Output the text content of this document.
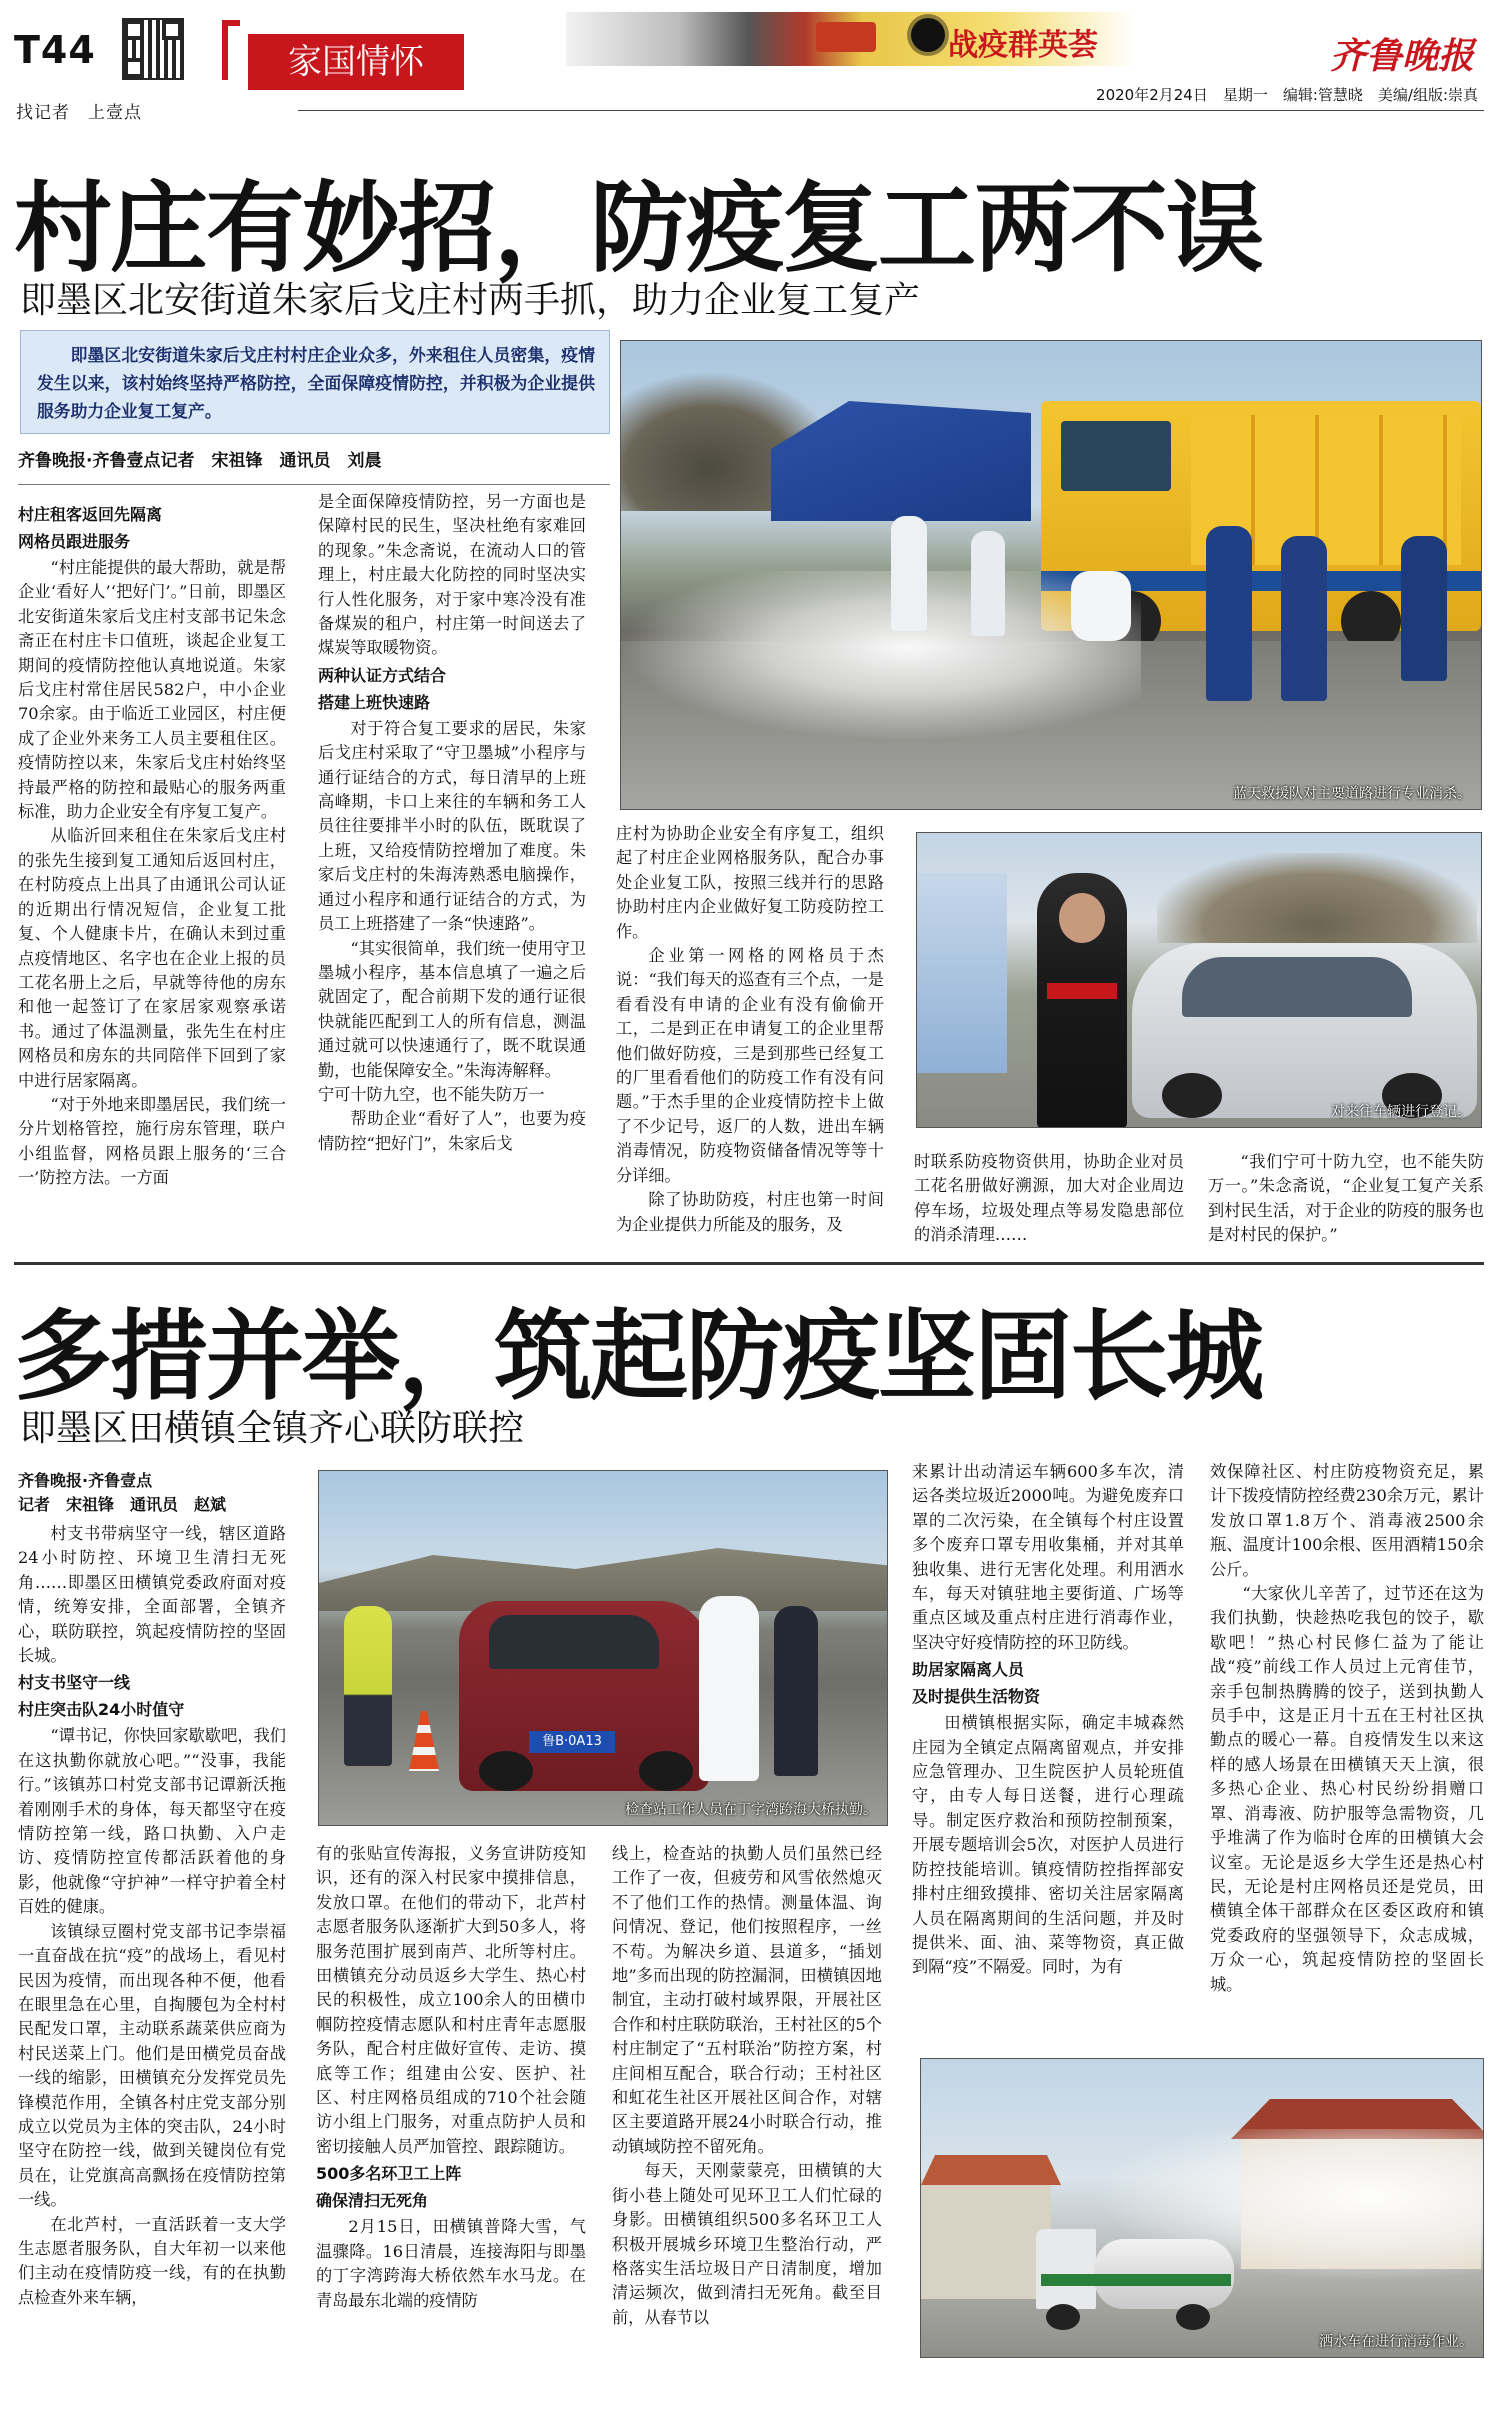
T44
找记者　上壹点
家国情怀	战疫群英荟	齐鲁晚报
2020年2月24日　星期一　编辑:管慧晓　美编/组版:崇真
村庄有妙招，防疫复工两不误
即墨区北安街道朱家后戈庄村两手抓，助力企业复工复产
即墨区北安街道朱家后戈庄村村庄企业众多，外来租住人员密集，疫情发生以来，该村始终坚持严格防控，全面保障疫情防控，并积极为企业提供服务助力企业复工复产。
齐鲁晚报·齐鲁壹点记者　宋祖锋　通讯员　刘晨
村庄租客返回先隔离
网格员跟进服务

“村庄能提供的最大帮助，就是帮企业‘看好人’‘把好门’。”日前，即墨区北安街道朱家后戈庄村支部书记朱念斋正在村庄卡口值班，谈起企业复工期间的疫情防控他认真地说道。朱家后戈庄村常住居民582户，中小企业70余家。由于临近工业园区，村庄便成了企业外来务工人员主要租住区。疫情防控以来，朱家后戈庄村始终坚持最严格的防控和最贴心的服务两重标准，助力企业安全有序复工复产。

从临沂回来租住在朱家后戈庄村的张先生接到复工通知后返回村庄，在村防疫点上出具了由通讯公司认证的近期出行情况短信，企业复工批复、个人健康卡片，在确认未到过重点疫情地区、名字也在企业上报的员工花名册上之后，早就等待他的房东和他一起签订了在家居家观察承诺书。通过了体温测量，张先生在村庄网格员和房东的共同陪伴下回到了家中进行居家隔离。

“对于外地来即墨居民，我们统一分片划格管控，施行房东管理，联户小组监督，网格员跟上服务的‘三合一’防控方法。一方面

是全面保障疫情防控，另一方面也是保障村民的民生，坚决杜绝有家难回的现象。”朱念斋说，在流动人口的管理上，村庄最大化防控的同时坚决实行人性化服务，对于家中寒冷没有准备煤炭的租户，村庄第一时间送去了煤炭等取暖物资。

两种认证方式结合
搭建上班快速路

对于符合复工要求的居民，朱家后戈庄村采取了“守卫墨城”小程序与通行证结合的方式，每日清早的上班高峰期，卡口上来往的车辆和务工人员往往要排半小时的队伍，既耽误了上班，又给疫情防控增加了难度。朱家后戈庄村的朱海涛熟悉电脑操作，通过小程序和通行证结合的方式，为员工上班搭建了一条“快速路”。

“其实很简单，我们统一使用守卫墨城小程序，基本信息填了一遍之后就固定了，配合前期下发的通行证很快就能匹配到工人的所有信息，测温通过就可以快速通行了，既不耽误通勤，也能保障安全。”朱海涛解释。

宁可十防九空，也不能失防万一

帮助企业“看好了人”，也要为疫情防控“把好门”，朱家后戈

庄村为协助企业安全有序复工，组织起了村庄企业网格服务队，配合办事处企业复工队，按照三线并行的思路协助村庄内企业做好复工防疫防控工作。

企业第一网格的网格员于杰说：“我们每天的巡查有三个点，一是看看没有申请的企业有没有偷偷开工，二是到正在申请复工的企业里帮他们做好防疫，三是到那些已经复工的厂里看看他们的防疫工作有没有问题。”于杰手里的企业疫情防控卡上做了不少记号，返厂的人数，进出车辆消毒情况，防疫物资储备情况等等十分详细。

除了协助防疫，村庄也第一时间为企业提供力所能及的服务，及

时联系防疫物资供用，协助企业对员工花名册做好溯源，加大对企业周边停车场，垃圾处理点等易发隐患部位的消杀清理……

“我们宁可十防九空，也不能失防万一。”朱念斋说，“企业复工复产关系到村民生活，对于企业的防疫的服务也是对村民的保护。”

蓝天救援队对主要道路进行专业消杀。
对来往车辆进行登记。
多措并举，筑起防疫坚固长城
即墨区田横镇全镇齐心联防联控
齐鲁晚报·齐鲁壹点
记者　宋祖锋　通讯员　赵斌

村支书带病坚守一线，辖区道路24小时防控、环境卫生清扫无死角……即墨区田横镇党委政府面对疫情，统筹安排，全面部署，全镇齐心，联防联控，筑起疫情防控的坚固长城。

村支书坚守一线
村庄突击队24小时值守

“谭书记，你快回家歇歇吧，我们在这执勤你就放心吧。”“没事，我能行。”该镇苏口村党支部书记谭新沃拖着刚刚手术的身体，每天都坚守在疫情防控第一线，路口执勤、入户走访、疫情防控宣传都活跃着他的身影，他就像“守护神”一样守护着全村百姓的健康。

该镇绿豆圈村党支部书记李崇福一直奋战在抗“疫”的战场上，看见村民因为疫情，而出现各种不便，他看在眼里急在心里，自掏腰包为全村村民配发口罩，主动联系蔬菜供应商为村民送菜上门。他们是田横党员奋战一线的缩影，田横镇充分发挥党员先锋模范作用，全镇各村庄党支部分别成立以党员为主体的突击队，24小时坚守在防控一线，做到关键岗位有党员在，让党旗高高飘扬在疫情防控第一线。

在北芦村，一直活跃着一支大学生志愿者服务队，自大年初一以来他们主动在疫情防疫一线，有的在执勤点检查外来车辆，

有的张贴宣传海报，义务宣讲防疫知识，还有的深入村民家中摸排信息，发放口罩。在他们的带动下，北芦村志愿者服务队逐渐扩大到50多人，将服务范围扩展到南芦、北所等村庄。田横镇充分动员返乡大学生、热心村民的积极性，成立100余人的田横巾帼防控疫情志愿队和村庄青年志愿服务队，配合村庄做好宣传、走访、摸底等工作；组建由公安、医护、社区、村庄网格员组成的710个社会随访小组上门服务，对重点防护人员和密切接触人员严加管控、跟踪随访。

500多名环卫工上阵
确保清扫无死角

2月15日，田横镇普降大雪，气温骤降。16日清晨，连接海阳与即墨的丁字湾跨海大桥依然车水马龙。在青岛最东北端的疫情防

线上，检查站的执勤人员们虽然已经工作了一夜，但疲劳和风雪依然熄灭不了他们工作的热情。测量体温、询问情况、登记，他们按照程序，一丝不苟。为解决乡道、县道多，“插划地”多而出现的防控漏洞，田横镇因地制宜，主动打破村域界限，开展社区合作和村庄联防联治，王村社区的5个村庄制定了“五村联治”防控方案，村庄间相互配合，联合行动；王村社区和虹花生社区开展社区间合作，对辖区主要道路开展24小时联合行动，推动镇域防控不留死角。

每天，天刚蒙蒙亮，田横镇的大街小巷上随处可见环卫工人们忙碌的身影。田横镇组织500多名环卫工人积极开展城乡环境卫生整治行动，严格落实生活垃圾日产日清制度，增加清运频次，做到清扫无死角。截至目前，从春节以

来累计出动清运车辆600多车次，清运各类垃圾近2000吨。为避免废弃口罩的二次污染，在全镇每个村庄设置多个废弃口罩专用收集桶，并对其单独收集、进行无害化处理。利用洒水车，每天对镇驻地主要街道、广场等重点区域及重点村庄进行消毒作业，坚决守好疫情防控的环卫防线。

助居家隔离人员
及时提供生活物资

田横镇根据实际，确定丰城森然庄园为全镇定点隔离留观点，并安排应急管理办、卫生院医护人员轮班值守，由专人每日送餐，进行心理疏导。制定医疗救治和预防控制预案，开展专题培训会5次，对医护人员进行防控技能培训。镇疫情防控指挥部安排村庄细致摸排、密切关注居家隔离人员在隔离期间的生活问题，并及时提供米、面、油、菜等物资，真正做到隔“疫”不隔爱。同时，为有

效保障社区、村庄防疫物资充足，累计下拨疫情防控经费230余万元，累计发放口罩1.8万个、消毒液2500余瓶、温度计100余根、医用酒精150余公斤。

“大家伙儿辛苦了，过节还在这为我们执勤，快趁热吃我包的饺子，歇歇吧！”热心村民修仁益为了能让战“疫”前线工作人员过上元宵佳节，亲手包制热腾腾的饺子，送到执勤人员手中，这是正月十五在王村社区执勤点的暖心一幕。自疫情发生以来这样的感人场景在田横镇天天上演，很多热心企业、热心村民纷纷捐赠口罩、消毒液、防护服等急需物资，几乎堆满了作为临时仓库的田横镇大会议室。无论是返乡大学生还是热心村民，无论是村庄网格员还是党员，田横镇全体干部群众在区委区政府和镇党委政府的坚强领导下，众志成城，万众一心，筑起疫情防控的坚固长城。

鲁B·0A13
检查站工作人员在丁字湾跨海大桥执勤。
洒水车在进行消毒作业。
